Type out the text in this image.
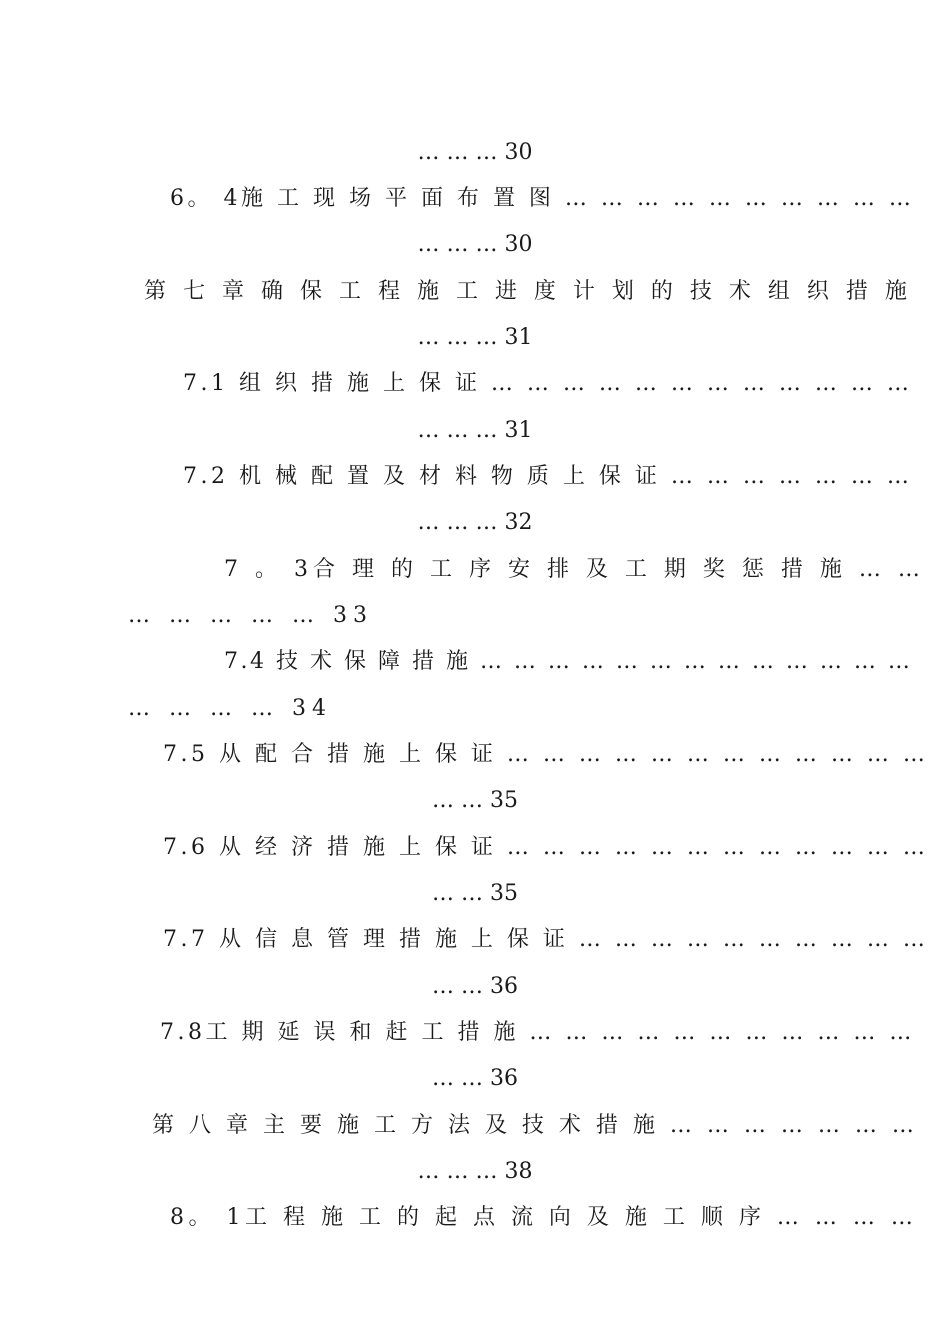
… … … 30
6。 4施 工 现 场 平 面 布 置 图 … … … … … … … … … …
… … … 30
第 七 章 确 保 工 程 施 工 进 度 计 划 的 技 术 组 织 措 施
… … … 31
7.1 组 织 措 施 上 保 证 … … … … … … … … … … … …
… … … 31
7.2 机 械 配 置 及 材 料 物 质 上 保 证 … … … … … … …
… … … 32
7 。 3合 理 的 工 序 安 排 及 工 期 奖 惩 措 施 … …
… … … … … 33
7.4 技 术 保 障 措 施 … … … … … … … … … … … … …
… … … … 34
7.5 从 配 合 措 施 上 保 证 … … … … … … … … … … … …
… … 35
7.6 从 经 济 措 施 上 保 证 … … … … … … … … … … … …
… … 35
7.7 从 信 息 管 理 措 施 上 保 证 … … … … … … … … … …
… … 36
7.8工 期 延 误 和 赶 工 措 施 … … … … … … … … … … …
… … 36
第 八 章 主 要 施 工 方 法 及 技 术 措 施 … … … … … … …
… … … 38
8。 1工 程 施 工 的 起 点 流 向 及 施 工 顺 序 … … … …
